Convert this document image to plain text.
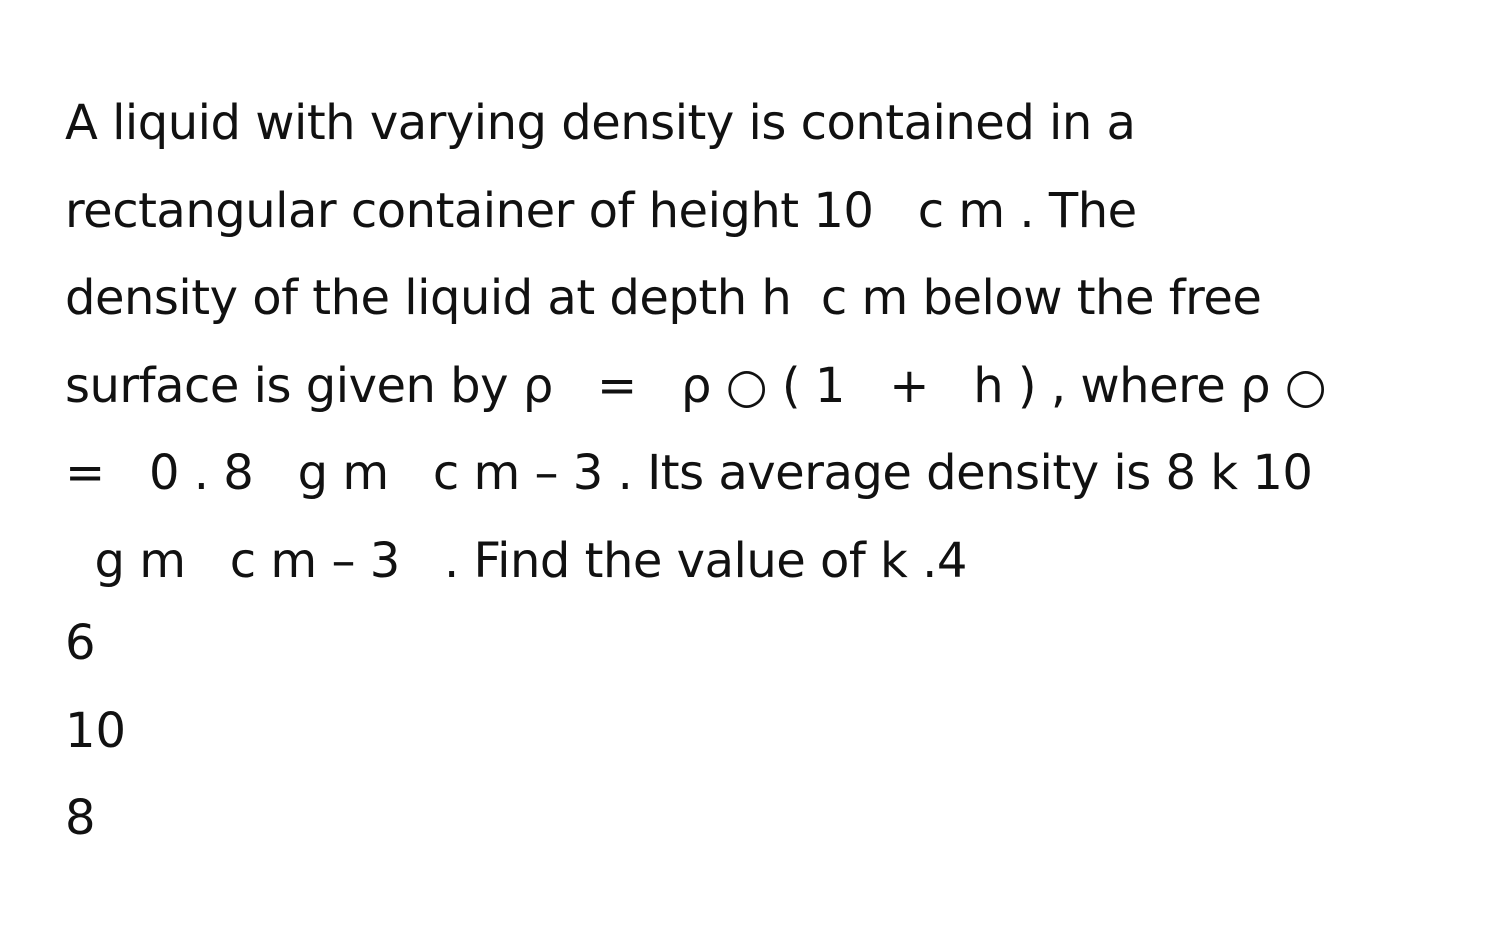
A liquid with varying density is contained in a
rectangular container of height 10   c m . The
density of the liquid at depth h  c m below the free
surface is given by ρ   =   ρ ○ ( 1   +   h ) , where ρ ○
=   0 . 8   g m   c m – 3 . Its average density is 8 k 10
g m   c m – 3   . Find the value of k .4
6
10
8
